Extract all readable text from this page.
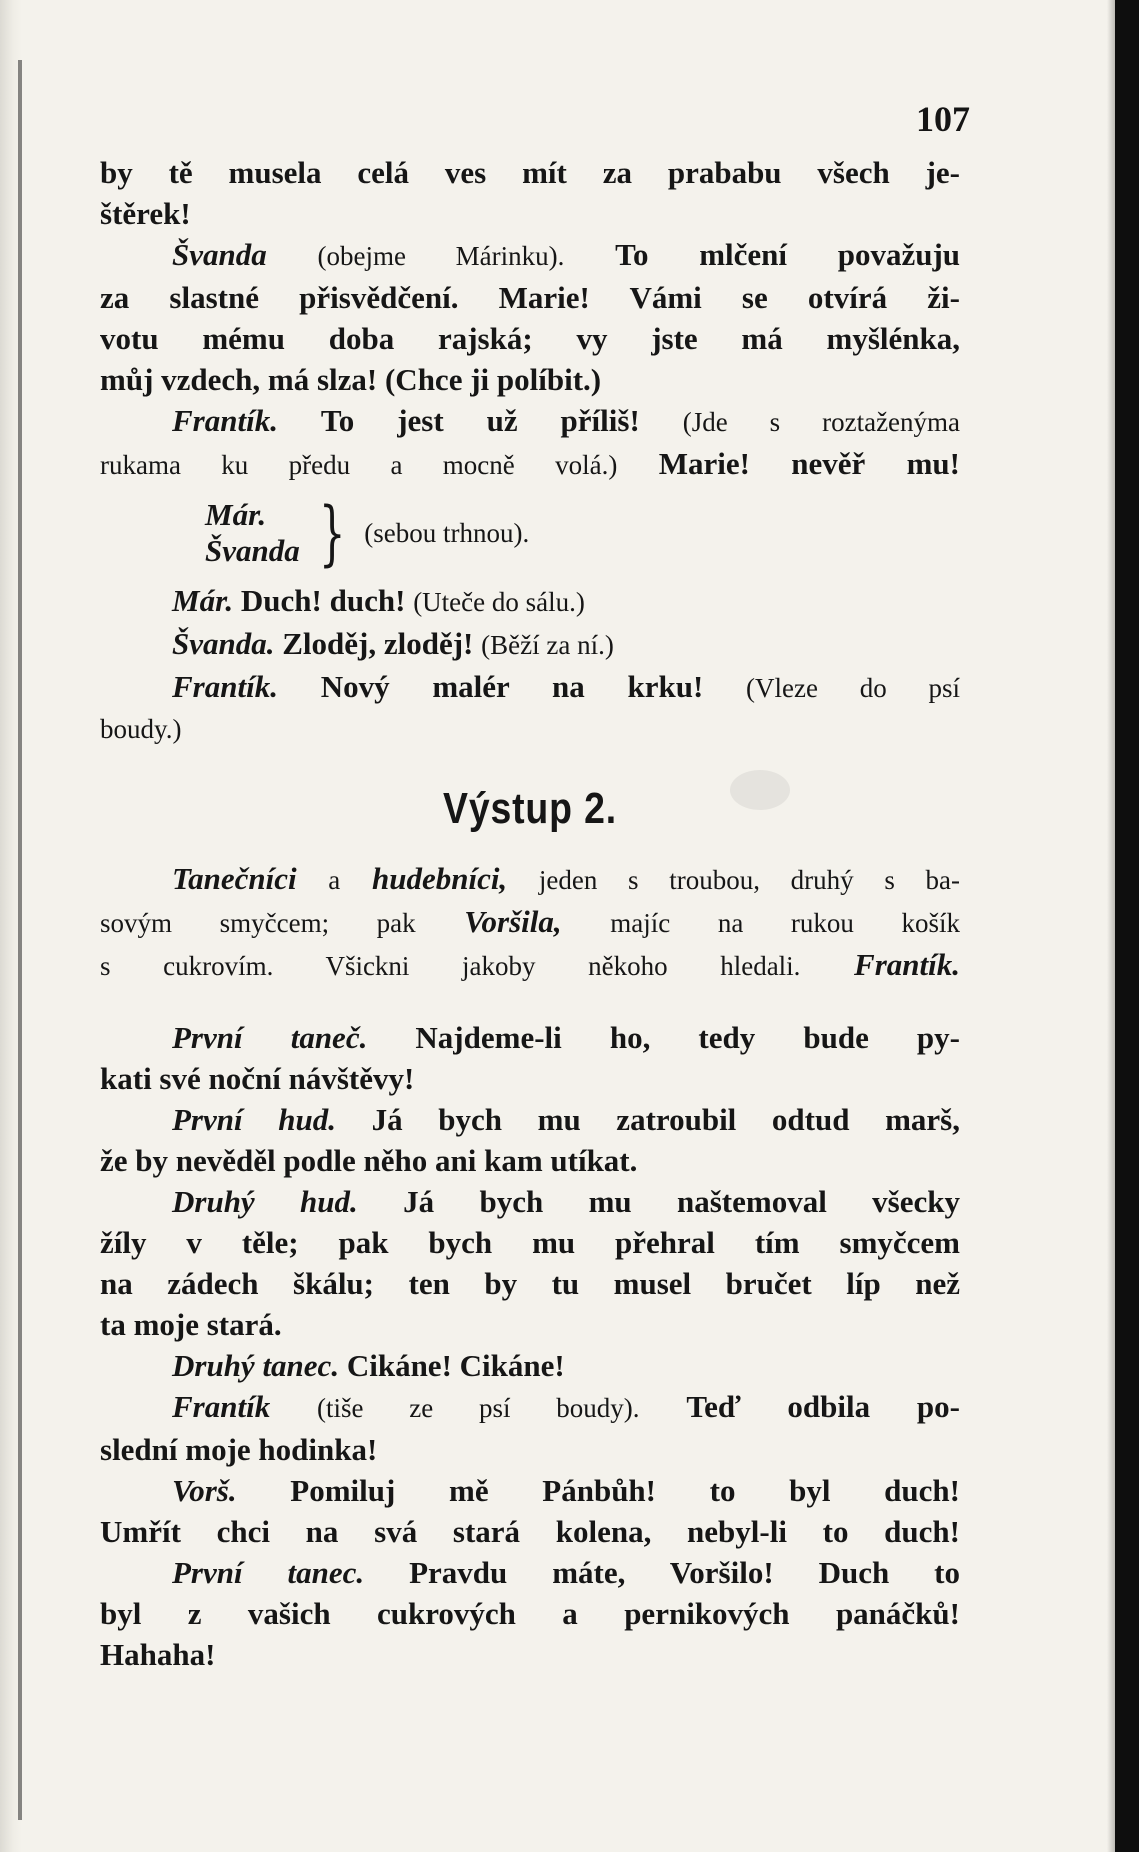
107
by tě musela celá ves mít za prababu všech je-
štěrek!
Švanda (obejme Márinku). To mlčení považuju
za slastné přisvědčení. Marie! Vámi se otvírá ži-
votu mému doba rajská; vy jste má myšlénka,
můj vzdech, má slza! (Chce ji políbit.)
Frantík. To jest už příliš! (Jde s roztaženýma
rukama ku předu a mocně volá.) Marie! nevěř mu!
Már.
Švanda } (sebou trhnou).
Már. Duch! duch! (Uteče do sálu.)
Švanda. Zloděj, zloděj! (Běží za ní.)
Frantík. Nový malér na krku! (Vleze do psí
boudy.)
Výstup 2.
Tanečníci a hudebníci, jeden s troubou, druhý s ba-
sovým smyčcem; pak Voršila, majíc na rukou košík
s cukrovím. Všickni jakoby někoho hledali. Frantík.
První taneč. Najdeme-li ho, tedy bude py-
kati své noční návštěvy!
První hud. Já bych mu zatroubil odtud marš,
že by nevěděl podle něho ani kam utíkat.
Druhý hud. Já bych mu naštemoval všecky
žíly v těle; pak bych mu přehral tím smyčcem
na zádech škálu; ten by tu musel bručet líp než
ta moje stará.
Druhý tanec. Cikáne! Cikáne!
Frantík (tiše ze psí boudy). Teď odbila po-
slední moje hodinka!
Vorš. Pomiluj mě Pánbůh! to byl duch!
Umřít chci na svá stará kolena, nebyl-li to duch!
První tanec. Pravdu máte, Voršilo! Duch to
byl z vašich cukrových a pernikových panáčků!
Hahaha!
